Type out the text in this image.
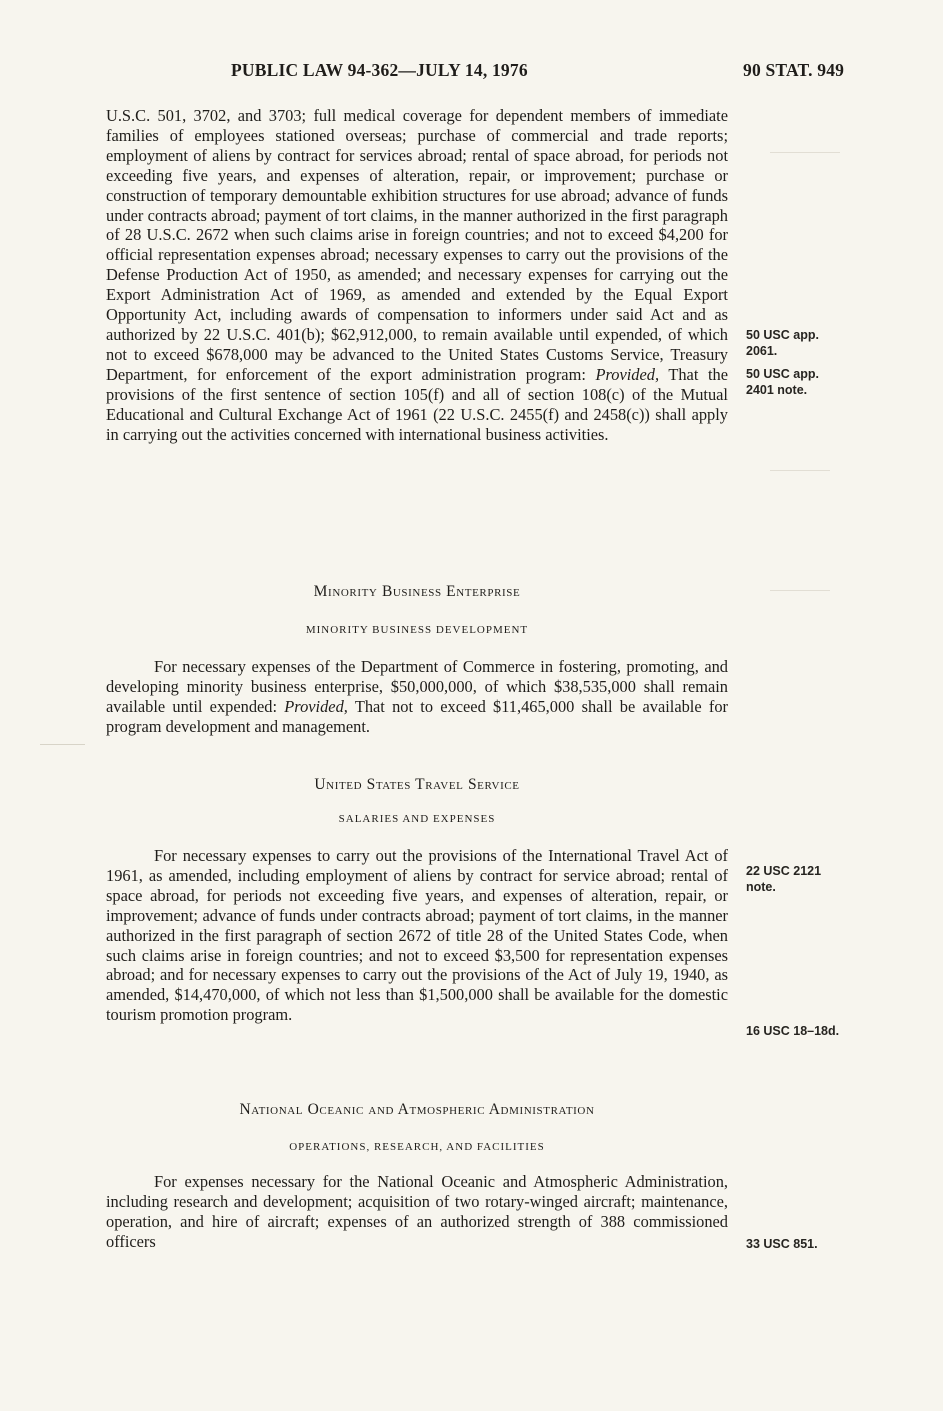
PUBLIC LAW 94-362—JULY 14, 1976	90 STAT. 949

U.S.C. 501, 3702, and 3703; full medical coverage for dependent members of immediate families of employees stationed overseas; purchase of commercial and trade reports; employment of aliens by contract for services abroad; rental of space abroad, for periods not exceeding five years, and expenses of alteration, repair, or improvement; purchase or construction of temporary demountable exhibition structures for use abroad; advance of funds under contracts abroad; payment of tort claims, in the manner authorized in the first paragraph of 28 U.S.C. 2672 when such claims arise in foreign countries; and not to exceed $4,200 for official representation expenses abroad; necessary expenses to carry out the provisions of the Defense Production Act of 1950, as amended; and necessary expenses for carrying out the Export Administration Act of 1969, as amended and extended by the Equal Export Opportunity Act, including awards of compensation to informers under said Act and as authorized by 22 U.S.C. 401(b); $62,912,000, to remain available until expended, of which not to exceed $678,000 may be advanced to the United States Customs Service, Treasury Department, for enforcement of the export administration program: Provided, That the provisions of the first sentence of section 105(f) and all of section 108(c) of the Mutual Educational and Cultural Exchange Act of 1961 (22 U.S.C. 2455(f) and 2458(c)) shall apply in carrying out the activities concerned with international business activities.

Minority Business Enterprise

MINORITY BUSINESS DEVELOPMENT

For necessary expenses of the Department of Commerce in fostering, promoting, and developing minority business enterprise, $50,000,000, of which $38,535,000 shall remain available until expended: Provided, That not to exceed $11,465,000 shall be available for program development and management.

United States Travel Service

SALARIES AND EXPENSES

For necessary expenses to carry out the provisions of the International Travel Act of 1961, as amended, including employment of aliens by contract for service abroad; rental of space abroad, for periods not exceeding five years, and expenses of alteration, repair, or improvement; advance of funds under contracts abroad; payment of tort claims, in the manner authorized in the first paragraph of section 2672 of title 28 of the United States Code, when such claims arise in foreign countries; and not to exceed $3,500 for representation expenses abroad; and for necessary expenses to carry out the provisions of the Act of July 19, 1940, as amended, $14,470,000, of which not less than $1,500,000 shall be available for the domestic tourism promotion program.

National Oceanic and Atmospheric Administration

OPERATIONS, RESEARCH, AND FACILITIES

For expenses necessary for the National Oceanic and Atmospheric Administration, including research and development; acquisition of two rotary-winged aircraft; maintenance, operation, and hire of aircraft; expenses of an authorized strength of 388 commissioned officers

50 USC app.
2061.
50 USC app.
2401 note.
22 USC 2121
note.
16 USC 18–18d.
33 USC 851.
